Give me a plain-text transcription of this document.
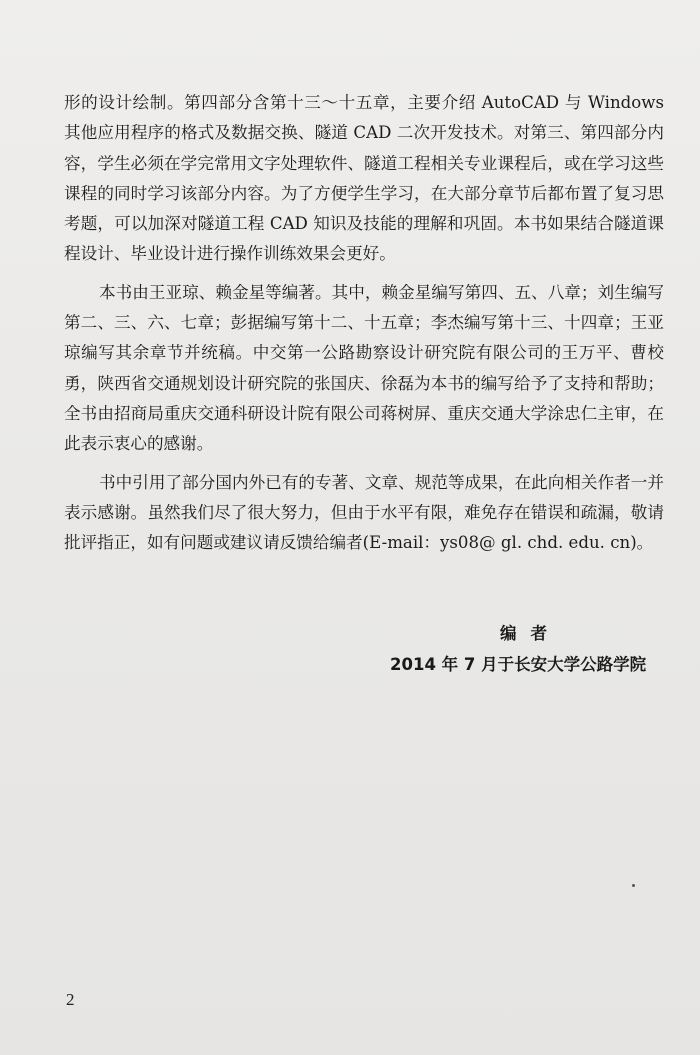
形的设计绘制。第四部分含第十三～十五章，主要介绍 AutoCAD 与 Windows 其他应用程序的格式及数据交换、隧道 CAD 二次开发技术。对第三、第四部分内容，学生必须在学完常用文字处理软件、隧道工程相关专业课程后，或在学习这些课程的同时学习该部分内容。为了方便学生学习，在大部分章节后都布置了复习思考题，可以加深对隧道工程 CAD 知识及技能的理解和巩固。本书如果结合隧道课程设计、毕业设计进行操作训练效果会更好。

本书由王亚琼、赖金星等编著。其中，赖金星编写第四、五、八章；刘生编写第二、三、六、七章；彭据编写第十二、十五章；李杰编写第十三、十四章；王亚琼编写其余章节并统稿。中交第一公路勘察设计研究院有限公司的王万平、曹校勇，陕西省交通规划设计研究院的张国庆、徐磊为本书的编写给予了支持和帮助；全书由招商局重庆交通科研设计院有限公司蒋树屏、重庆交通大学涂忠仁主审，在此表示衷心的感谢。

书中引用了部分国内外已有的专著、文章、规范等成果，在此向相关作者一并表示感谢。虽然我们尽了很大努力，但由于水平有限，难免存在错误和疏漏，敬请批评指正，如有问题或建议请反馈给编者(E-mail：ys08@ gl. chd. edu. cn)。

编者
2014 年 7 月于长安大学公路学院
2
